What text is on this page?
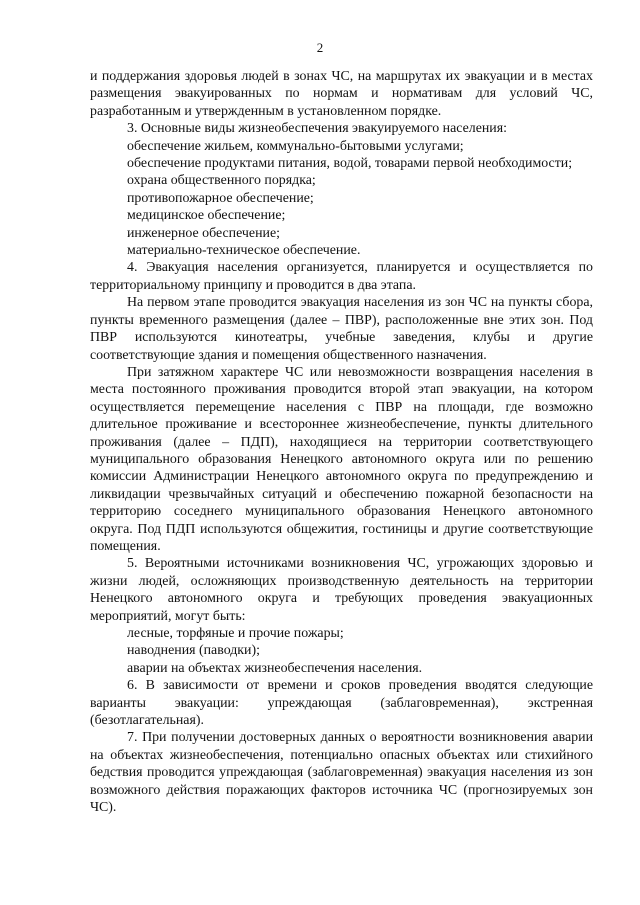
2

и поддержания здоровья людей в зонах ЧС, на маршрутах их эвакуации и в местах размещения эвакуированных по нормам и нормативам для условий ЧС, разработанным и утвержденным в установленном порядке.

3. Основные виды жизнеобеспечения эвакуируемого населения:

обеспечение жильем, коммунально-бытовыми услугами;

обеспечение продуктами питания, водой, товарами первой необходимости;

охрана общественного порядка;

противопожарное обеспечение;

медицинское обеспечение;

инженерное обеспечение;

материально-техническое обеспечение.

4. Эвакуация населения организуется, планируется и осуществляется по территориальному принципу и проводится в два этапа.

На первом этапе проводится эвакуация населения из зон ЧС на пункты сбора, пункты временного размещения (далее – ПВР), расположенные вне этих зон. Под ПВР используются кинотеатры, учебные заведения, клубы и другие соответствующие здания и помещения общественного назначения.

При затяжном характере ЧС или невозможности возвращения населения в места постоянного проживания проводится второй этап эвакуации, на котором осуществляется перемещение населения с ПВР на площади, где возможно длительное проживание и всестороннее жизнеобеспечение, пункты длительного проживания (далее – ПДП), находящиеся на территории соответствующего муниципального образования Ненецкого автономного округа или по решению комиссии Администрации Ненецкого автономного округа по предупреждению и ликвидации чрезвычайных ситуаций и обеспечению пожарной безопасности на территорию соседнего муниципального образования Ненецкого автономного округа. Под ПДП используются общежития, гостиницы и другие соответствующие помещения.

5. Вероятными источниками возникновения ЧС, угрожающих здоровью и жизни людей, осложняющих производственную деятельность на территории Ненецкого автономного округа и требующих проведения эвакуационных мероприятий, могут быть:

лесные, торфяные и прочие пожары;

наводнения (паводки);

аварии на объектах жизнеобеспечения населения.

6. В зависимости от времени и сроков проведения вводятся следующие варианты эвакуации: упреждающая (заблаговременная), экстренная (безотлагательная).

7. При получении достоверных данных о вероятности возникновения аварии на объектах жизнеобеспечения, потенциально опасных объектах или стихийного бедствия проводится упреждающая (заблаговременная) эвакуация населения из зон возможного действия поражающих факторов источника ЧС (прогнозируемых зон ЧС).
